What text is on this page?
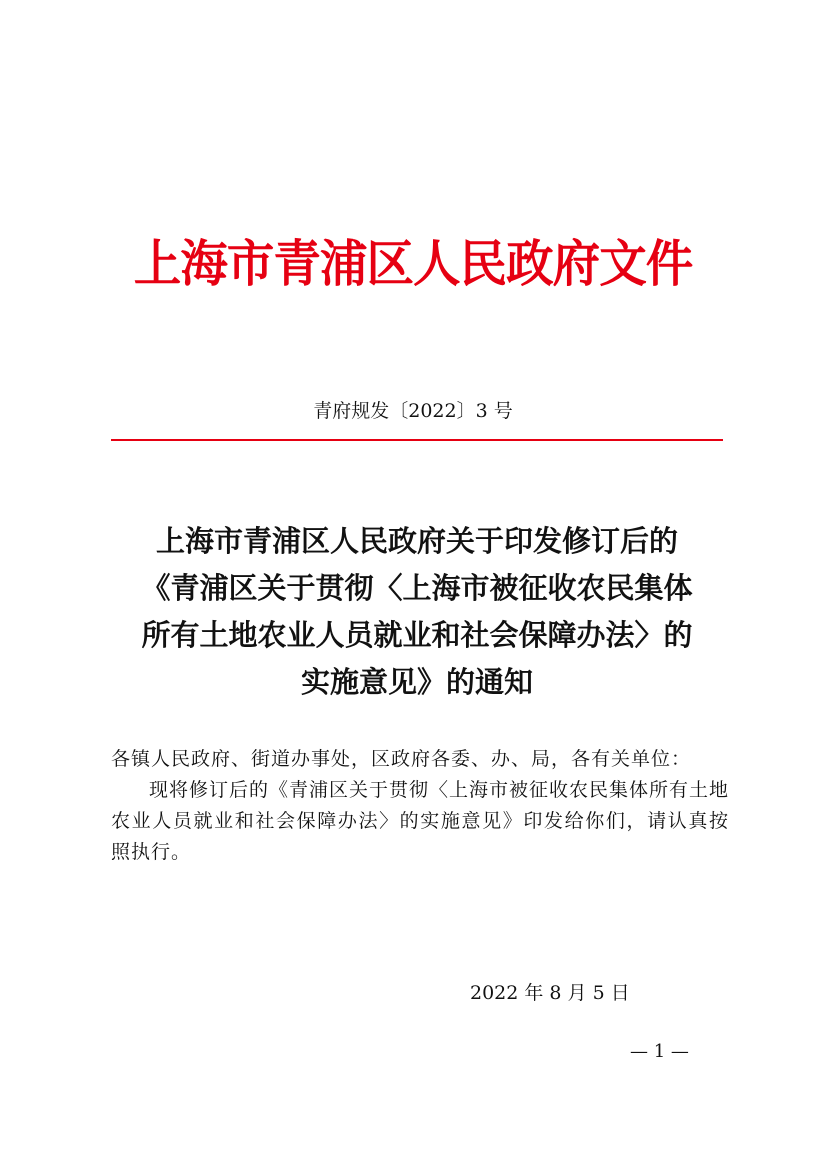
上海市青浦区人民政府文件
青府规发〔2022〕3 号
上海市青浦区人民政府关于印发修订后的
《青浦区关于贯彻〈上海市被征收农民集体
所有土地农业人员就业和社会保障办法〉的
实施意见》的通知

各镇人民政府、街道办事处，区政府各委、办、局，各有关单位：

现将修订后的《青浦区关于贯彻〈上海市被征收农民集体所有土地农业人员就业和社会保障办法〉的实施意见》印发给你们，请认真按照执行。

2022 年 8 月 5 日
— 1 —
